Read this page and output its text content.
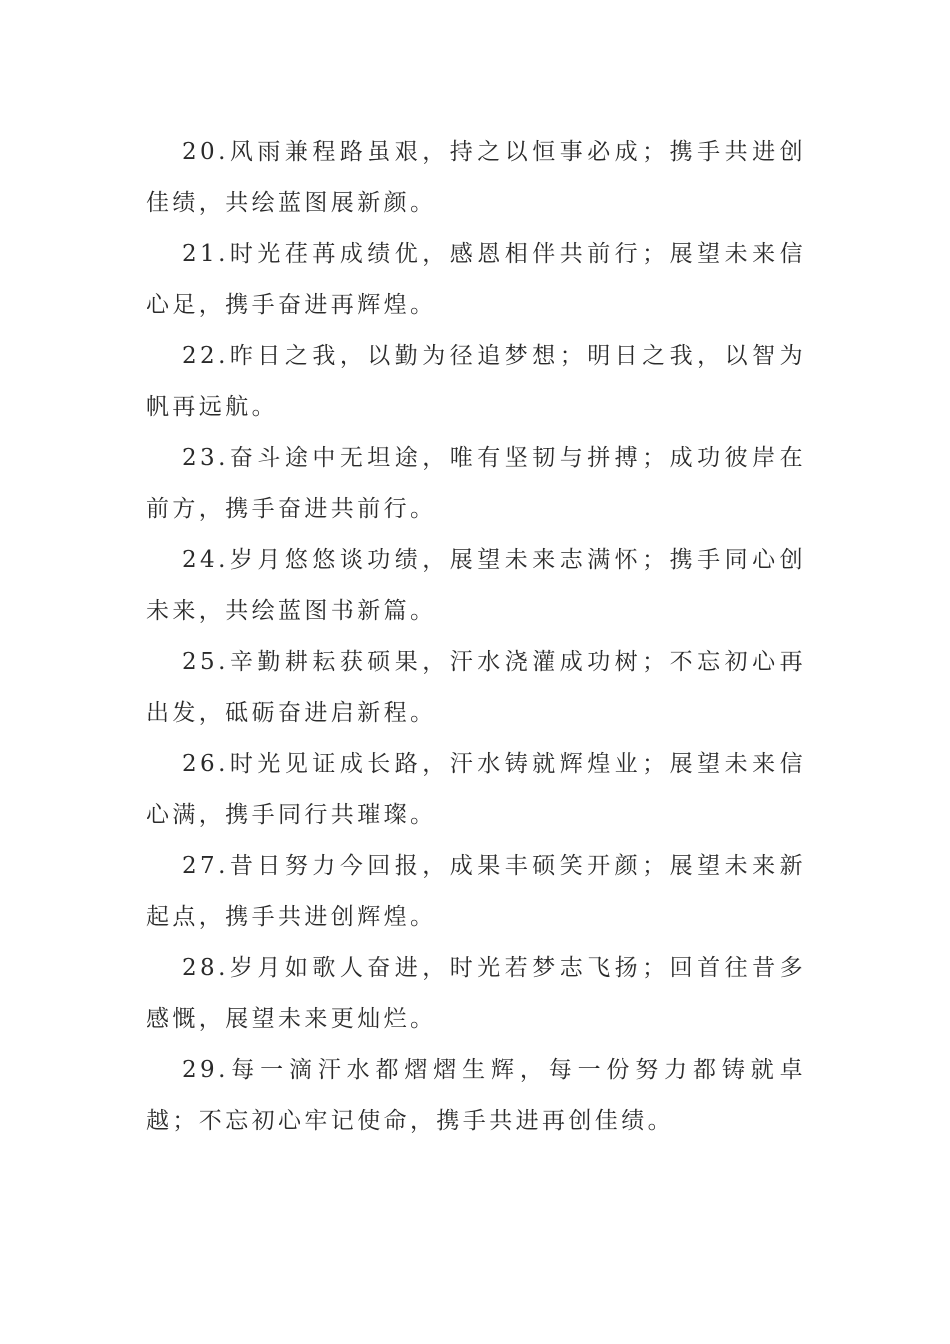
20.风雨兼程路虽艰，持之以恒事必成；携手共进创佳绩，共绘蓝图展新颜。

21.时光荏苒成绩优，感恩相伴共前行；展望未来信心足，携手奋进再辉煌。

22.昨日之我，以勤为径追梦想；明日之我，以智为帆再远航。

23.奋斗途中无坦途，唯有坚韧与拼搏；成功彼岸在前方，携手奋进共前行。

24.岁月悠悠谈功绩，展望未来志满怀；携手同心创未来，共绘蓝图书新篇。

25.辛勤耕耘获硕果，汗水浇灌成功树；不忘初心再出发，砥砺奋进启新程。

26.时光见证成长路，汗水铸就辉煌业；展望未来信心满，携手同行共璀璨。

27.昔日努力今回报，成果丰硕笑开颜；展望未来新起点，携手共进创辉煌。

28.岁月如歌人奋进，时光若梦志飞扬；回首往昔多感慨，展望未来更灿烂。

29.每一滴汗水都熠熠生辉，每一份努力都铸就卓越；不忘初心牢记使命，携手共进再创佳绩。
